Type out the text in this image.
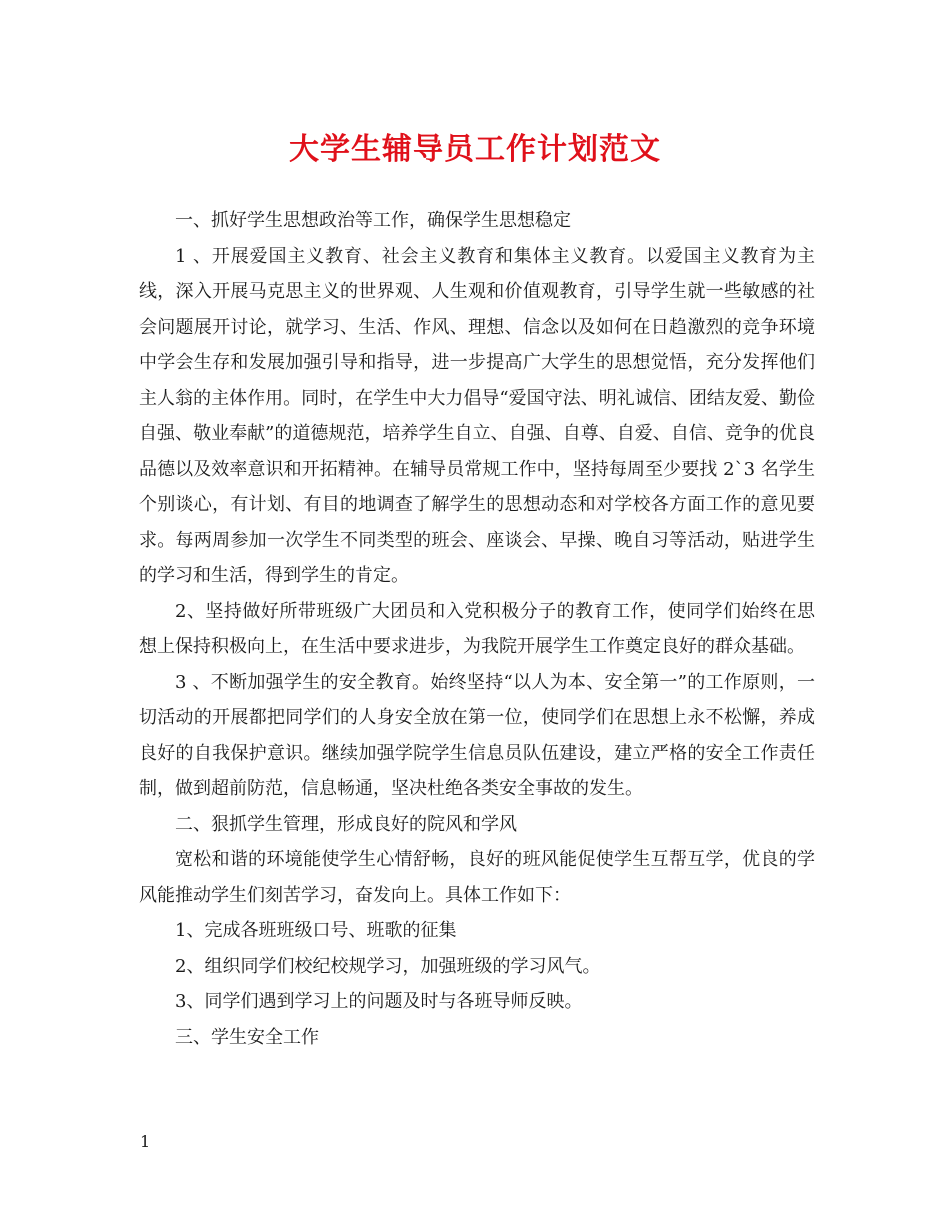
大学生辅导员工作计划范文

一、抓好学生思想政治等工作，确保学生思想稳定

1 、开展爱国主义教育、社会主义教育和集体主义教育。以爱国主义教育为主线，深入开展马克思主义的世界观、人生观和价值观教育，引导学生就一些敏感的社会问题展开讨论，就学习、生活、作风、理想、信念以及如何在日趋激烈的竞争环境中学会生存和发展加强引导和指导，进一步提高广大学生的思想觉悟，充分发挥他们主人翁的主体作用。同时，在学生中大力倡导“爱国守法、明礼诚信、团结友爱、勤俭自强、敬业奉献”的道德规范，培养学生自立、自强、自尊、自爱、自信、竞争的优良品德以及效率意识和开拓精神。在辅导员常规工作中，坚持每周至少要找 2`3 名学生个别谈心，有计划、有目的地调查了解学生的思想动态和对学校各方面工作的意见要求。每两周参加一次学生不同类型的班会、座谈会、早操、晚自习等活动，贴进学生的学习和生活，得到学生的肯定。

2、坚持做好所带班级广大团员和入党积极分子的教育工作，使同学们始终在思想上保持积极向上，在生活中要求进步，为我院开展学生工作奠定良好的群众基础。

3 、不断加强学生的安全教育。始终坚持“以人为本、安全第一”的工作原则，一切活动的开展都把同学们的人身安全放在第一位，使同学们在思想上永不松懈，养成良好的自我保护意识。继续加强学院学生信息员队伍建设，建立严格的安全工作责任制，做到超前防范，信息畅通，坚决杜绝各类安全事故的发生。

二、狠抓学生管理，形成良好的院风和学风

宽松和谐的环境能使学生心情舒畅，良好的班风能促使学生互帮互学，优良的学风能推动学生们刻苦学习，奋发向上。具体工作如下：

1、完成各班班级口号、班歌的征集

2、组织同学们校纪校规学习，加强班级的学习风气。

3、同学们遇到学习上的问题及时与各班导师反映。

三、学生安全工作

1
